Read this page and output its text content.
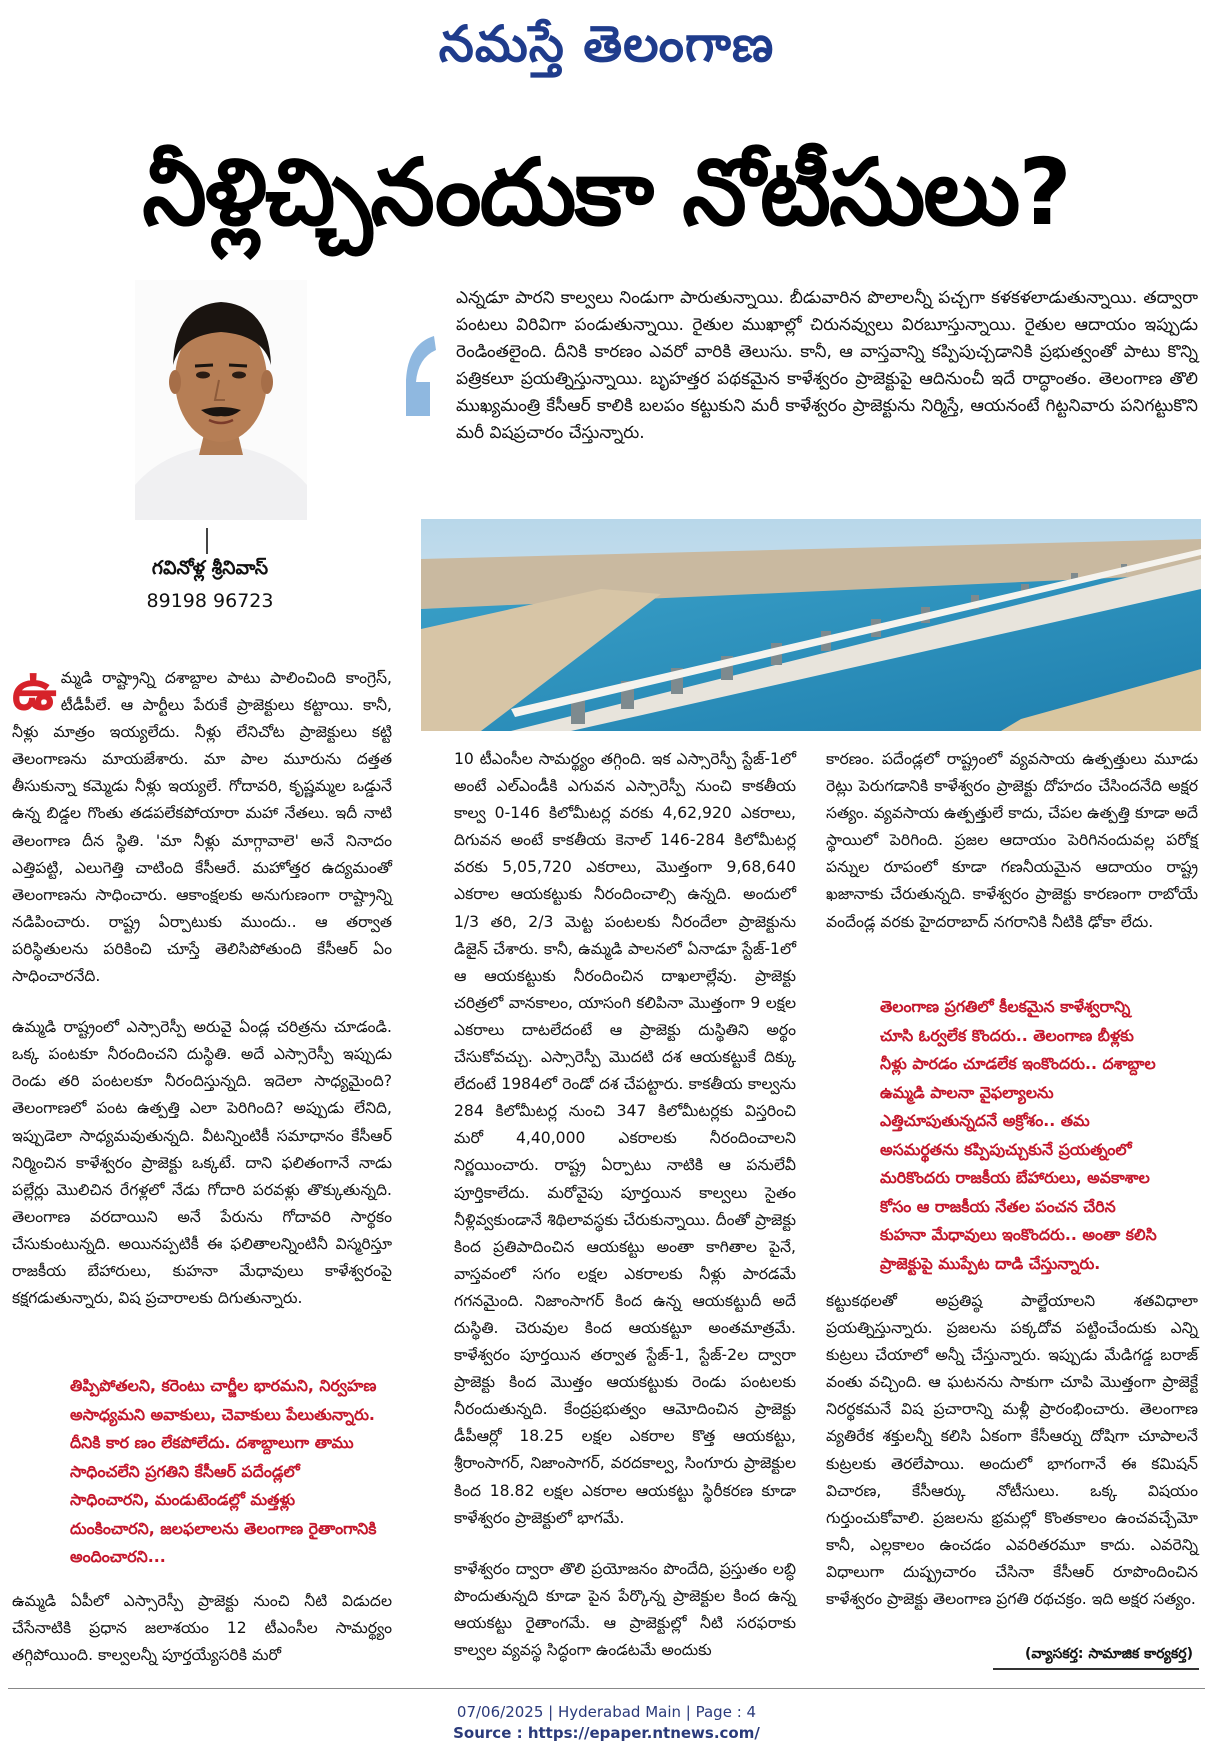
నమస్తే తెలంగాణ
నీళ్లిచ్చినందుకా నోటీసులు?
గవినోళ్ల శ్రీనివాస్
89198 96723
ఎన్నడూ పారని కాల్వలు నిండుగా పారుతున్నాయి. బీడువారిన పొలాలన్నీ పచ్చగా కళకళలాడుతున్నాయి. తద్వారా పంటలు విరివిగా పండుతున్నాయి. రైతుల ముఖాల్లో చిరునవ్వులు విరబూస్తున్నాయి. రైతుల ఆదాయం ఇప్పుడు రెండింతలైంది. దీనికి కారణం ఎవరో వారికి తెలుసు. కానీ, ఆ వాస్తవాన్ని కప్పిపుచ్చడానికి ప్రభుత్వంతో పాటు కొన్ని పత్రికలూ ప్రయత్నిస్తున్నాయి. బృహత్తర పథకమైన కాళేశ్వరం ప్రాజెక్టుపై ఆదినుంచీ ఇదే రాద్ధాంతం. తెలంగాణ తొలి ముఖ్యమంత్రి కేసీఆర్ కాలికి బలపం కట్టుకుని మరీ కాళేశ్వరం ప్రాజెక్టును నిర్మిస్తే, ఆయనంటే గిట్టనివారు పనిగట్టుకొని మరీ విషప్రచారం చేస్తున్నారు.

ఉమ్మడి రాష్ట్రాన్ని దశాబ్దాల పాటు పాలించింది కాంగ్రెస్, టీడీపీలే. ఆ పార్టీలు పేరుకే ప్రాజెక్టులు కట్టాయి. కానీ, నీళ్లు మాత్రం ఇయ్యలేదు. నీళ్లు లేనిచోట ప్రాజెక్టులు కట్టి తెలంగాణను మాయజేశారు. మా పాల మూరును దత్తత తీసుకున్నా కమ్మెడు నీళ్లు ఇయ్యలే. గోదావరి, కృష్ణమ్మల ఒడ్డునే ఉన్న బిడ్డల గొంతు తడపలేకపోయారా మహా నేతలు. ఇదీ నాటి తెలంగాణ దీన స్థితి. 'మా నీళ్లు మాగ్గావాలె' అనే నినాదం ఎత్తిపట్టి, ఎలుగెత్తి చాటింది కేసీఆరే. మహోత్తర ఉద్యమంతో తెలంగాణను సాధించారు. ఆకాంక్షలకు అనుగుణంగా రాష్ట్రాన్ని నడిపించారు. రాష్ట్ర ఏర్పాటుకు ముందు.. ఆ తర్వాత పరిస్థితులను పరికించి చూస్తే తెలిసిపోతుంది కేసీఆర్ ఏం సాధించారనేది.

ఉమ్మడి రాష్ట్రంలో ఎస్సారెస్పీ అరువై ఏండ్ల చరిత్రను చూడండి. ఒక్క పంటకూ నీరందించని దుస్థితి. అదే ఎస్సారెస్పీ ఇప్పుడు రెండు తరి పంటలకూ నీరందిస్తున్నది. ఇదెలా సాధ్యమైంది? తెలంగాణలో పంట ఉత్పత్తి ఎలా పెరిగింది? అప్పుడు లేనిది, ఇప్పుడెలా సాధ్యమవుతున్నది. వీటన్నింటికీ సమాధానం కేసీఆర్ నిర్మించిన కాళేశ్వరం ప్రాజెక్టు ఒక్కటే. దాని ఫలితంగానే నాడు పల్లేర్లు మొలిచిన రేగళ్లలో నేడు గోదారి పరవళ్లు తొక్కుతున్నది. తెలంగాణ వరదాయిని అనే పేరును గోదావరి సార్థకం చేసుకుంటున్నది. అయినప్పటికీ ఈ ఫలితాలన్నింటినీ విస్మరిస్తూ రాజకీయ బేహారులు, కుహనా మేధావులు కాళేశ్వరంపై కక్షగడుతున్నారు, విష ప్రచారాలకు దిగుతున్నారు.

తిప్పిపోతలని, కరెంటు చార్జీల భారమని, నిర్వహణ అసాధ్యమని అవాకులు, చెవాకులు పేలుతున్నారు. దీనికి కార ణం లేకపోలేదు. దశాబ్దాలుగా తాము సాధించలేని ప్రగతిని కేసీఆర్ పదేండ్లలో సాధించారని, మండుటెండల్లో మత్తళ్లు దుంకించారని, జలఫలాలను తెలంగాణ రైతాంగానికి అందించారని...

ఉమ్మడి ఏపీలో ఎస్సారెస్పీ ప్రాజెక్టు నుంచి నీటి విడుదల చేసేనాటికి ప్రధాన జలాశయం 12 టీఎంసీల సామర్థ్యం తగ్గిపోయింది. కాల్వలన్నీ పూర్తయ్యేసరికి మరో

10 టీఎంసీల సామర్థ్యం తగ్గింది. ఇక ఎస్సారెస్పీ స్టేజ్-1లో అంటే ఎల్ఎండీకి ఎగువన ఎస్సారెస్పీ నుంచి కాకతీయ కాల్వ 0-146 కిలోమీటర్ల వరకు 4,62,920 ఎకరాలు, దిగువన అంటే కాకతీయ కెనాల్ 146-284 కిలోమీటర్ల వరకు 5,05,720 ఎకరాలు, మొత్తంగా 9,68,640 ఎకరాల ఆయకట్టుకు నీరందించాల్సి ఉన్నది. అందులో 1/3 తరి, 2/3 మెట్ట పంటలకు నీరందేలా ప్రాజెక్టును డిజైన్ చేశారు. కానీ, ఉమ్మడి పాలనలో ఏనాడూ స్టేజ్-1లో ఆ ఆయకట్టుకు నీరందించిన దాఖలాల్లేవు. ప్రాజెక్టు చరిత్రలో వానకాలం, యాసంగి కలిపినా మొత్తంగా 9 లక్షల ఎకరాలు దాటలేదంటే ఆ ప్రాజెక్టు దుస్థితిని అర్థం చేసుకోవచ్చు. ఎస్సారెస్పీ మొదటి దశ ఆయకట్టుకే దిక్కు లేదంటే 1984లో రెండో దశ చేపట్టారు. కాకతీయ కాల్వను 284 కిలోమీటర్ల నుంచి 347 కిలోమీటర్లకు విస్తరించి మరో 4,40,000 ఎకరాలకు నీరందించాలని నిర్ణయించారు. రాష్ట్ర ఏర్పాటు నాటికి ఆ పనులేవీ పూర్తికాలేదు. మరోవైపు పూర్తయిన కాల్వలు సైతం నీళ్లివ్వకుండానే శిథిలావస్థకు చేరుకున్నాయి. దీంతో ప్రాజెక్టు కింద ప్రతిపాదించిన ఆయకట్టు అంతా కాగితాల పైనే, వాస్తవంలో సగం లక్షల ఎకరాలకు నీళ్లు పారడమే గగనమైంది. నిజాంసాగర్ కింద ఉన్న ఆయకట్టుదీ అదే దుస్థితి. చెరువుల కింద ఆయకట్టూ అంతమాత్రమే. కాళేశ్వరం పూర్తయిన తర్వాత స్టేజ్-1, స్టేజ్-2ల ద్వారా ప్రాజెక్టు కింద మొత్తం ఆయకట్టుకు రెండు పంటలకు నీరందుతున్నది. కేంద్రప్రభుత్వం ఆమోదించిన ప్రాజెక్టు డీపీఆర్లో 18.25 లక్షల ఎకరాల కొత్త ఆయకట్టు, శ్రీరాంసాగర్, నిజాంసాగర్, వరదకాల్వ, సింగూరు ప్రాజెక్టుల కింద 18.82 లక్షల ఎకరాల ఆయకట్టు స్థిరీకరణ కూడా కాళేశ్వరం ప్రాజెక్టులో భాగమే.

కాళేశ్వరం ద్వారా తొలి ప్రయోజనం పొందేది, ప్రస్తుతం లబ్ధి పొందుతున్నది కూడా పైన పేర్కొన్న ప్రాజెక్టుల కింద ఉన్న ఆయకట్టు రైతాంగమే. ఆ ప్రాజెక్టుల్లో నీటి సరఫరాకు కాల్వల వ్యవస్థ సిద్ధంగా ఉండటమే అందుకు

కారణం. పదేండ్లలో రాష్ట్రంలో వ్యవసాయ ఉత్పత్తులు మూడు రెట్లు పెరుగడానికి కాళేశ్వరం ప్రాజెక్టు దోహదం చేసిందనేది అక్షర సత్యం. వ్యవసాయ ఉత్పత్తులే కాదు, చేపల ఉత్పత్తి కూడా అదే స్థాయిలో పెరిగింది. ప్రజల ఆదాయం పెరిగినందువల్ల పరోక్ష పన్నుల రూపంలో కూడా గణనీయమైన ఆదాయం రాష్ట్ర ఖజానాకు చేరుతున్నది. కాళేశ్వరం ప్రాజెక్టు కారణంగా రాబోయే వందేండ్ల వరకు హైదరాబాద్ నగరానికి నీటికి ఢోకా లేదు.

తెలంగాణ ప్రగతిలో కీలకమైన కాళేశ్వరాన్ని చూసి ఓర్వలేక కొందరు.. తెలంగాణ బీళ్లకు నీళ్లు పారడం చూడలేక ఇంకొందరు.. దశాబ్దాల ఉమ్మడి పాలనా వైఫల్యాలను ఎత్తిచూపుతున్నదనే అక్రోశం.. తమ అసమర్థతను కప్పిపుచ్చుకునే ప్రయత్నంలో మరికొందరు రాజకీయ బేహారులు, అవకాశాల కోసం ఆ రాజకీయ నేతల పంచన చేరిన కుహనా మేధావులు ఇంకొందరు.. అంతా కలిసి ప్రాజెక్టుపై ముప్పేట దాడి చేస్తున్నారు.

కట్టుకథలతో అప్రతిష్ఠ పాల్జేయాలని శతవిధాలా ప్రయత్నిస్తున్నారు. ప్రజలను పక్కదోవ పట్టించేందుకు ఎన్ని కుట్రలు చేయాలో అన్నీ చేస్తున్నారు. ఇప్పుడు మేడిగడ్డ బరాజ్ వంతు వచ్చింది. ఆ ఘటనను సాకుగా చూపి మొత్తంగా ప్రాజెక్టే నిరర్థకమనే విష ప్రచారాన్ని మళ్లీ ప్రారంభించారు. తెలంగాణ వ్యతిరేక శక్తులన్నీ కలిసి ఏకంగా కేసీఆర్ను దోషిగా చూపాలనే కుట్రలకు తెరలేపాయి. అందులో భాగంగానే ఈ కమిషన్ విచారణ, కేసీఆర్కు నోటీసులు. ఒక్క విషయం గుర్తుంచుకోవాలి. ప్రజలను భ్రమల్లో కొంతకాలం ఉంచవచ్చేమో కానీ, ఎల్లకాలం ఉంచడం ఎవరితరమూ కాదు. ఎవరెన్ని విధాలుగా దుష్ప్రచారం చేసినా కేసీఆర్ రూపొందించిన కాళేశ్వరం ప్రాజెక్టు తెలంగాణ ప్రగతి రథచక్రం. ఇది అక్షర సత్యం.

(వ్యాసకర్త: సామాజిక కార్యకర్త)
07/06/2025 | Hyderabad Main | Page : 4
Source : https://epaper.ntnews.com/
